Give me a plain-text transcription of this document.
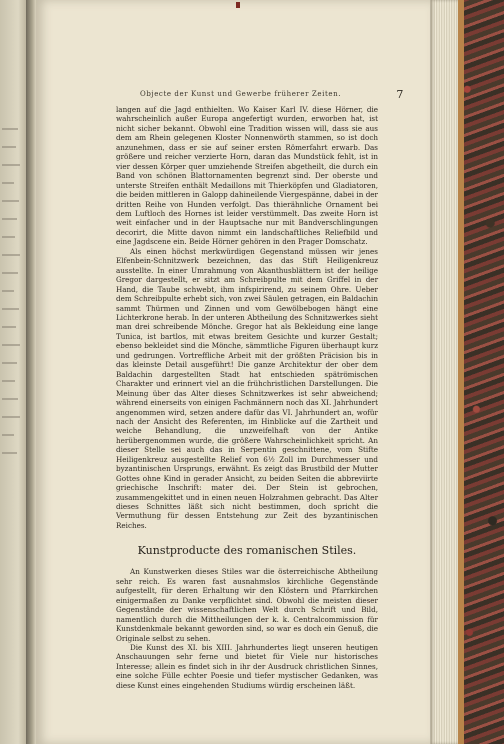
Objecte der Kunst und Gewerbe früherer Zeiten.	7

langen auf die Jagd enthielten. Wo Kaiser Karl IV. diese Hörner, die wahrscheinlich außer Europa angefertigt wurden, erworben hat, ist nicht sicher bekannt. Obwohl eine Tradition wissen will, dass sie aus dem am Rhein gelegenen Kloster Nonnenwörth stammen, so ist doch anzunehmen, dass er sie auf seiner ersten Römerfahrt erwarb. Das größere und reicher verzierte Horn, daran das Mundstück fehlt, ist in vier dessen Körper quer umziehende Streifen abgetheilt, die durch ein Band von schönen Blattornamenten begrenzt sind. Der oberste und unterste Streifen enthält Medaillons mit Thierköpfen und Gladiatoren, die beiden mittleren in Galopp dahineilende Viergespänne, dabei in der dritten Reihe von Hunden verfolgt. Das thierähnliche Ornament bei dem Luftloch des Hornes ist leider verstümmelt. Das zweite Horn ist weit einfacher und in der Hauptsache nur mit Bandverschlingungen decorirt, die Mitte davon nimmt ein landschaftliches Reliefbild und eine Jagdscene ein. Beide Hörner gehören in den Prager Domschatz.

Als einen höchst merkwürdigen Gegenstand müssen wir jenes Elfenbein-Schnitzwerk bezeichnen, das das Stift Heiligenkreuz ausstellte. In einer Umrahmung von Akanthusblättern ist der heilige Gregor dargestellt, er sitzt am Schreibpulte mit dem Griffel in der Hand, die Taube schwebt, ihm infspirirend, zu seinem Ohre. Ueber dem Schreibpulte erhebt sich, von zwei Säulen getragen, ein Baldachin sammt Thürmen und Zinnen und vom Gewölbebogen hängt eine Lichterkrone herab. In der unteren Abtheilung des Schnitzwerkes sieht man drei schreibende Mönche. Gregor hat als Bekleidung eine lange Tunica, ist bartlos, mit etwas breitem Gesichte und kurzer Gestalt; ebenso bekleidet sind die Mönche, sämmtliche Figuren überhaupt kurz und gedrungen. Vortreffliche Arbeit mit der größten Präcision bis in das kleinste Detail ausgeführt! Die ganze Architektur der ober dem Baldachin dargestellten Stadt hat entschieden spätrömischen Charakter und erinnert viel an die frühchristlichen Darstellungen. Die Meinung über das Alter dieses Schnitzwerkes ist sehr abweichend; während einerseits von einigen Fachmännern noch das XI. Jahrhundert angenommen wird, setzen andere dafür das VI. Jahrhundert an, wofür nach der Ansicht des Referenten, im Hinblicke auf die Zartheit und weiche Behandlung, die unzweifelhaft von der Antike herübergenommen wurde, die größere Wahrscheinlichkeit spricht. An dieser Stelle sei auch das in Serpentin geschnittene, vom Stifte Heiligenkreuz ausgestellte Relief von 6½ Zoll im Durchmesser und byzantinischen Ursprungs, erwähnt. Es zeigt das Brustbild der Mutter Gottes ohne Kind in gerader Ansicht, zu beiden Seiten die abbreviirte griechische Inschrift: mater dei. Der Stein ist gebrochen, zusammengekittet und in einen neuen Holzrahmen gebracht. Das Alter dieses Schnittes läßt sich nicht bestimmen, doch spricht die Vermuthung für dessen Entstehung zur Zeit des byzantinischen Reiches.

Kunstproducte des romanischen Stiles.

An Kunstwerken dieses Stiles war die österreichische Abtheilung sehr reich. Es waren fast ausnahmslos kirchliche Gegenstände aufgestellt, für deren Erhaltung wir den Klöstern und Pfarrkirchen einigermaßen zu Danke verpflichtet sind. Obwohl die meisten dieser Gegenstände der wissenschaftlichen Welt durch Schrift und Bild, namentlich durch die Mittheilungen der k. k. Centralcommission für Kunstdenkmale bekannt geworden sind, so war es doch ein Genuß, die Originale selbst zu sehen.

Die Kunst des XI. bis XIII. Jahrhundertes liegt unseren heutigen Anschauungen sehr ferne und bietet für Viele nur historisches Interesse; allein es findet sich in ihr der Ausdruck christlichen Sinnes, eine solche Fülle echter Poesie und tiefer mystischer Gedanken, was diese Kunst eines eingehenden Studiums würdig erscheinen läßt.
